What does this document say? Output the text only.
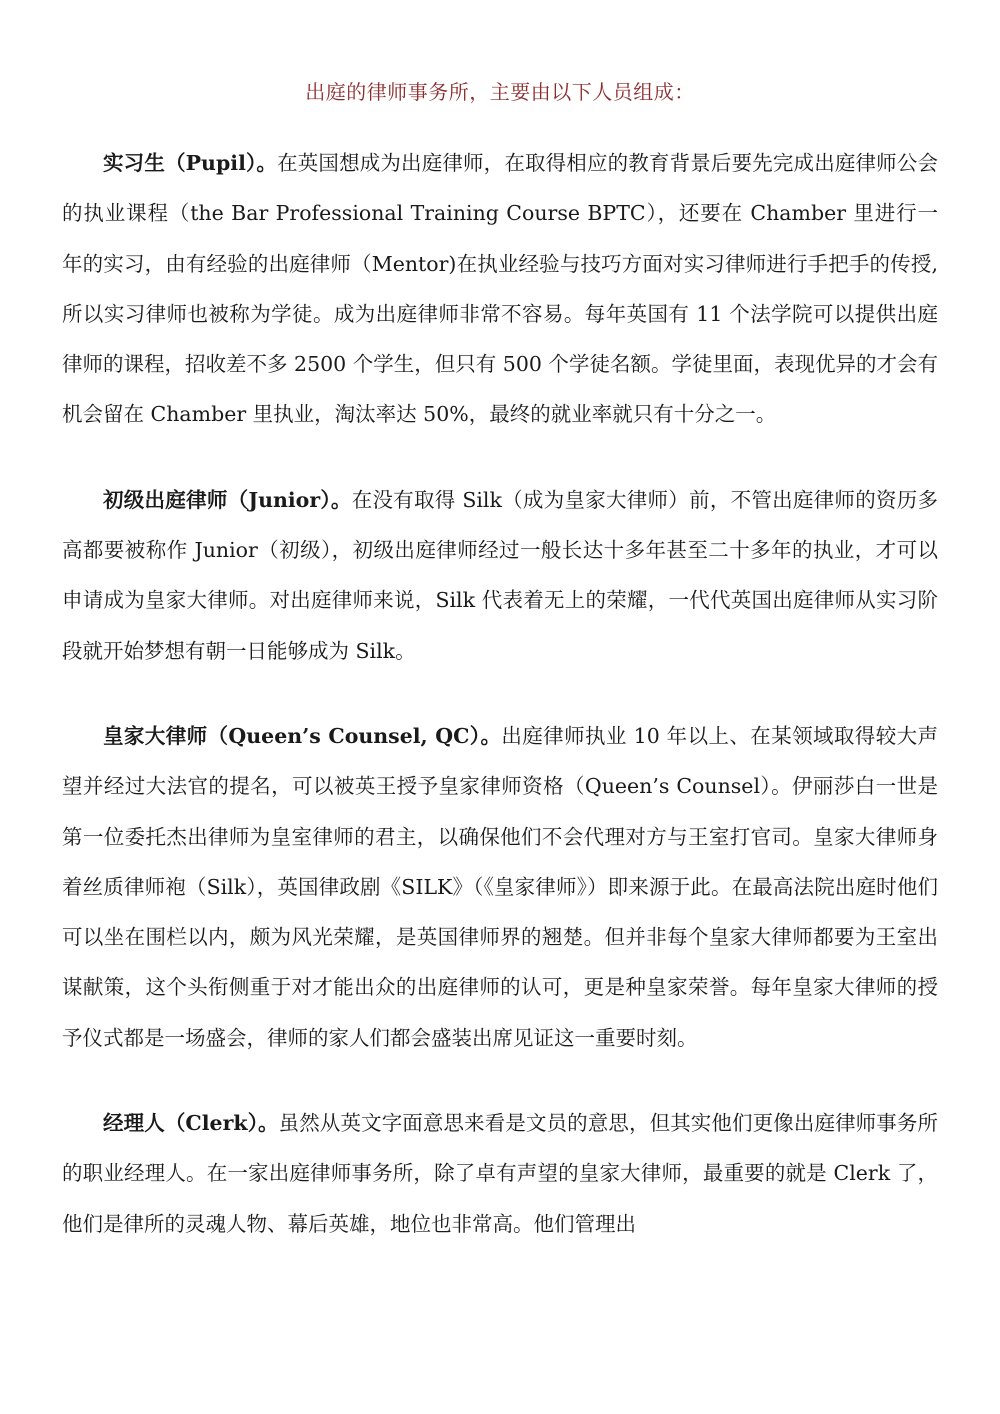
出庭的律师事务所，主要由以下人员组成：

实习生（Pupil）。在英国想成为出庭律师，在取得相应的教育背景后要先完成出庭律师公会的执业课程（the Bar Professional Training Course BPTC），还要在 Chamber 里进行一年的实习，由有经验的出庭律师（Mentor)在执业经验与技巧方面对实习律师进行手把手的传授,所以实习律师也被称为学徒。成为出庭律师非常不容易。每年英国有 11 个法学院可以提供出庭律师的课程，招收差不多 2500 个学生，但只有 500 个学徒名额。学徒里面，表现优异的才会有机会留在 Chamber 里执业，淘汰率达 50%，最终的就业率就只有十分之一。

初级出庭律师（Junior）。在没有取得 Silk（成为皇家大律师）前，不管出庭律师的资历多高都要被称作 Junior（初级），初级出庭律师经过一般长达十多年甚至二十多年的执业，才可以申请成为皇家大律师。对出庭律师来说，Silk 代表着无上的荣耀，一代代英国出庭律师从实习阶段就开始梦想有朝一日能够成为 Silk。

皇家大律师（Queen’s Counsel, QC）。出庭律师执业 10 年以上、在某领域取得较大声望并经过大法官的提名，可以被英王授予皇家律师资格（Queen’s Counsel）。伊丽莎白一世是第一位委托杰出律师为皇室律师的君主，以确保他们不会代理对方与王室打官司。皇家大律师身着丝质律师袍（Silk），英国律政剧《SILK》（《皇家律师》）即来源于此。在最高法院出庭时他们可以坐在围栏以内，颇为风光荣耀，是英国律师界的翘楚。但并非每个皇家大律师都要为王室出谋献策，这个头衔侧重于对才能出众的出庭律师的认可，更是种皇家荣誉。每年皇家大律师的授予仪式都是一场盛会，律师的家人们都会盛装出席见证这一重要时刻。

经理人（Clerk）。虽然从英文字面意思来看是文员的意思，但其实他们更像出庭律师事务所的职业经理人。在一家出庭律师事务所，除了卓有声望的皇家大律师，最重要的就是 Clerk 了，他们是律所的灵魂人物、幕后英雄，地位也非常高。他们管理出
